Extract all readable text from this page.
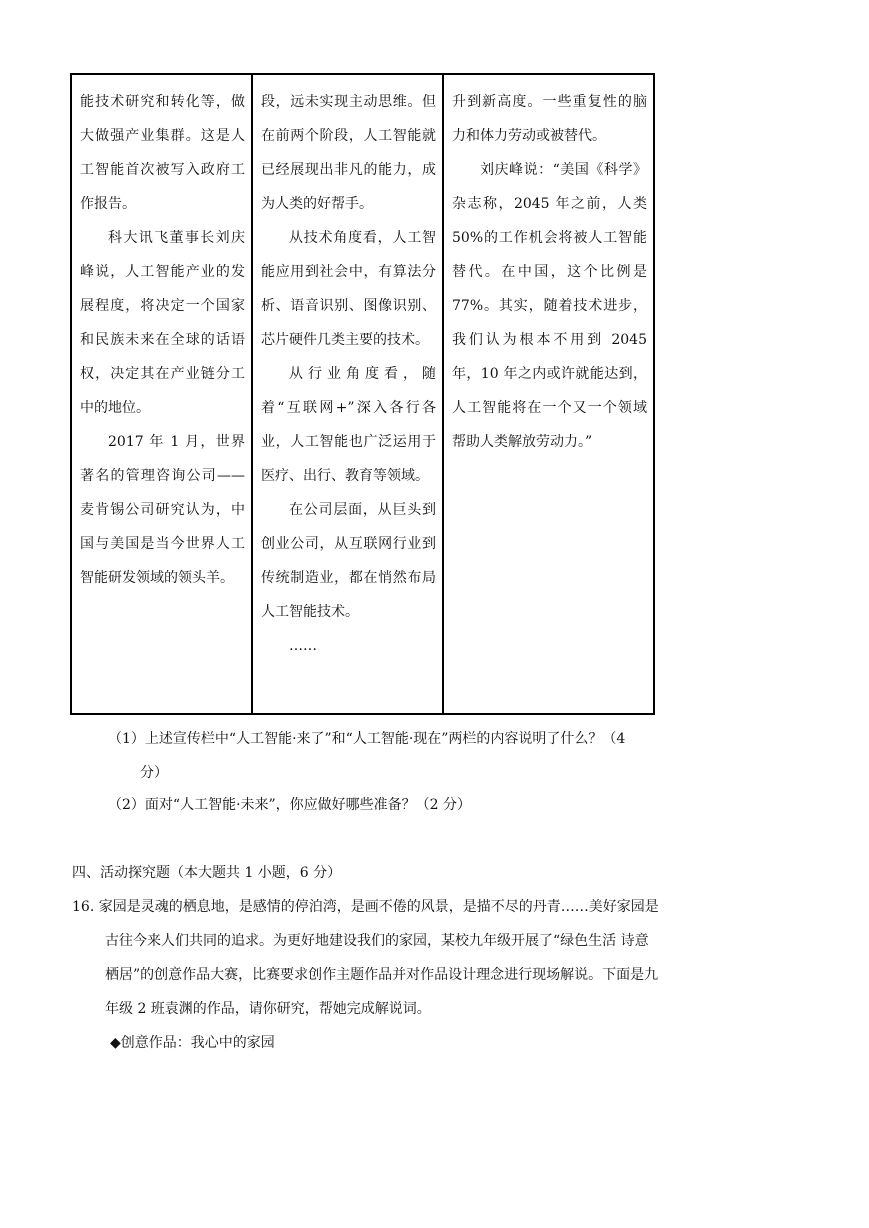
能技术研究和转化等，做大做强产业集群。这是人工智能首次被写入政府工作报告。

科大讯飞董事长刘庆峰说，人工智能产业的发展程度，将决定一个国家和民族未来在全球的话语权，决定其在产业链分工中的地位。

2017 年 1 月，世界著名的管理咨询公司——麦肯锡公司研究认为，中国与美国是当今世界人工智能研发领域的领头羊。

段，远未实现主动思维。但在前两个阶段，人工智能就已经展现出非凡的能力，成为人类的好帮手。

从技术角度看，人工智能应用到社会中，有算法分析、语音识别、图像识别、芯片硬件几类主要的技术。

从行业角度看，随着“互联网+”深入各行各业，人工智能也广泛运用于医疗、出行、教育等领域。

在公司层面，从巨头到创业公司，从互联网行业到传统制造业，都在悄然布局人工智能技术。

……

升到新高度。一些重复性的脑力和体力劳动或被替代。

刘庆峰说：“美国《科学》杂志称，2045 年之前，人类 50%的工作机会将被人工智能替代。在中国，这个比例是 77%。其实，随着技术进步，我们认为根本不用到 2045 年，10 年之内或许就能达到，人工智能将在一个又一个领域帮助人类解放劳动力。”

（1）上述宣传栏中“人工智能·来了”和“人工智能·现在”两栏的内容说明了什么？（4

分）

（2）面对“人工智能·未来”，你应做好哪些准备？（2 分）

四、活动探究题（本大题共 1 小题，6 分）

16. 家园是灵魂的栖息地，是感情的停泊湾，是画不倦的风景，是描不尽的丹青……美好家园是

古往今来人们共同的追求。为更好地建设我们的家园，某校九年级开展了“绿色生活 诗意

栖居”的创意作品大赛，比赛要求创作主题作品并对作品设计理念进行现场解说。下面是九

年级 2 班袁渊的作品，请你研究，帮她完成解说词。

◆创意作品：我心中的家园
